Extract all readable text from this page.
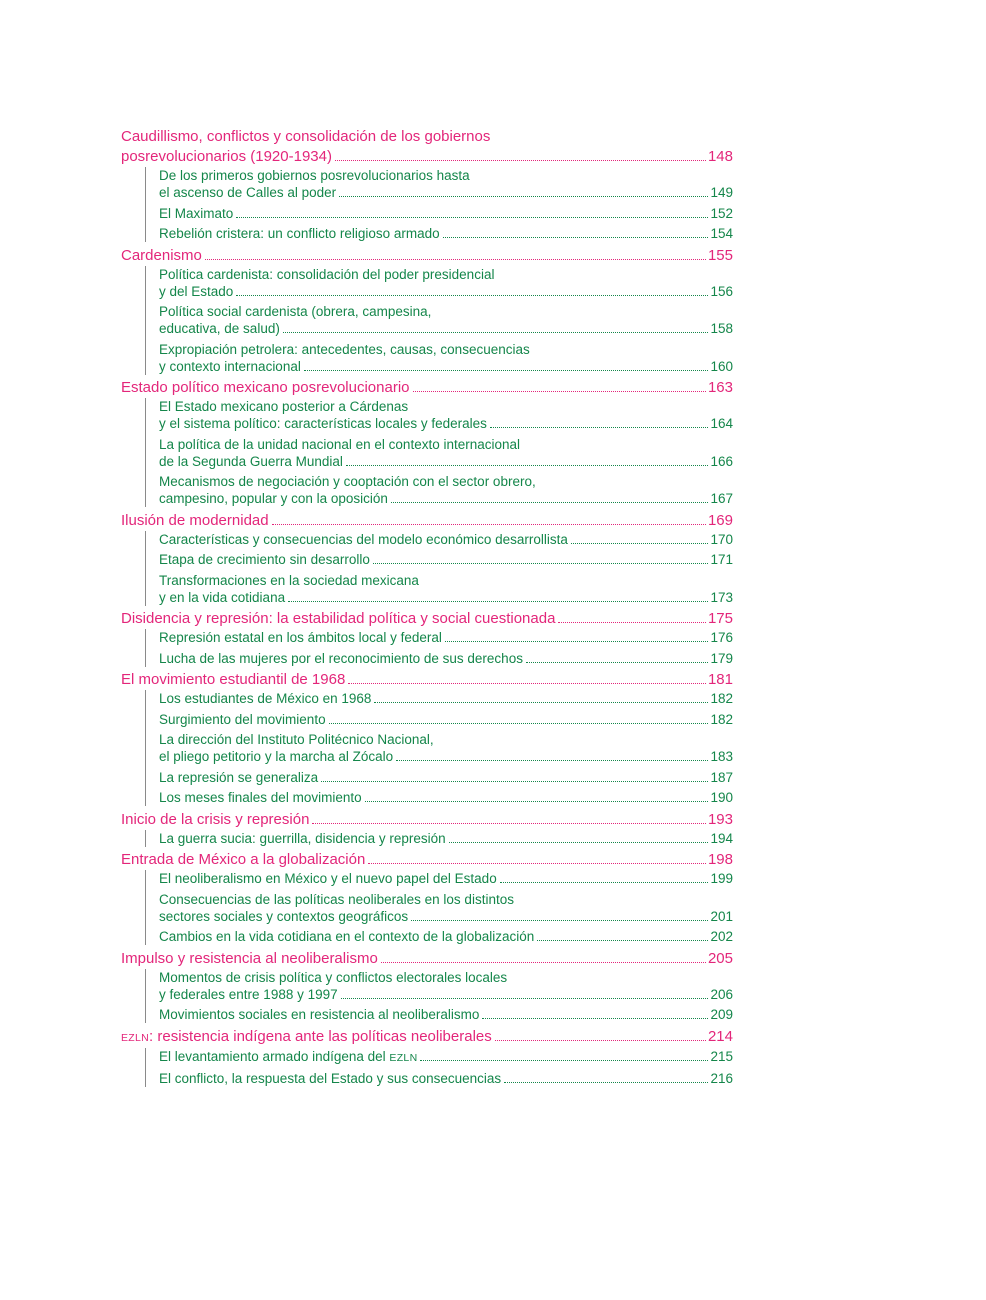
Caudillismo, conflictos y consolidación de los gobiernos
posrevolucionarios (1920-1934)	148
De los primeros gobiernos posrevolucionarios hasta
el ascenso de Calles al poder	149
El Maximato	152
Rebelión cristera: un conflicto religioso armado	154
Cardenismo	155
Política cardenista: consolidación del poder presidencial
y del Estado	156
Política social cardenista (obrera, campesina,
educativa, de salud)	158
Expropiación petrolera: antecedentes, causas, consecuencias
y contexto internacional	160
Estado político mexicano posrevolucionario	163
El Estado mexicano posterior a Cárdenas
y el sistema político: características locales y federales	164
La política de la unidad nacional en el contexto internacional
de la Segunda Guerra Mundial	166
Mecanismos de negociación y cooptación con el sector obrero,
campesino, popular y con la oposición	167
Ilusión de modernidad	169
Características y consecuencias del modelo económico desarrollista	170
Etapa de crecimiento sin desarrollo	171
Transformaciones en la sociedad mexicana
y en la vida cotidiana	173
Disidencia y represión: la estabilidad política y social cuestionada	175
Represión estatal en los ámbitos local y federal	176
Lucha de las mujeres por el reconocimiento de sus derechos	179
El movimiento estudiantil de 1968	181
Los estudiantes de México en 1968	182
Surgimiento del movimiento	182
La dirección del Instituto Politécnico Nacional,
el pliego petitorio y la marcha al Zócalo	183
La represión se generaliza	187
Los meses finales del movimiento	190
Inicio de la crisis y represión	193
La guerra sucia: guerrilla, disidencia y represión	194
Entrada de México a la globalización	198
El neoliberalismo en México y el nuevo papel del Estado	199
Consecuencias de las políticas neoliberales en los distintos
sectores sociales y contextos geográficos	201
Cambios en la vida cotidiana en el contexto de la globalización	202
Impulso y resistencia al neoliberalismo	205
Momentos de crisis política y conflictos electorales locales
y federales entre 1988 y 1997	206
Movimientos sociales en resistencia al neoliberalismo	209
EZLN: resistencia indígena ante las políticas neoliberales	214
El levantamiento armado indígena del EZLN	215
El conflicto, la respuesta del Estado y sus consecuencias	216
